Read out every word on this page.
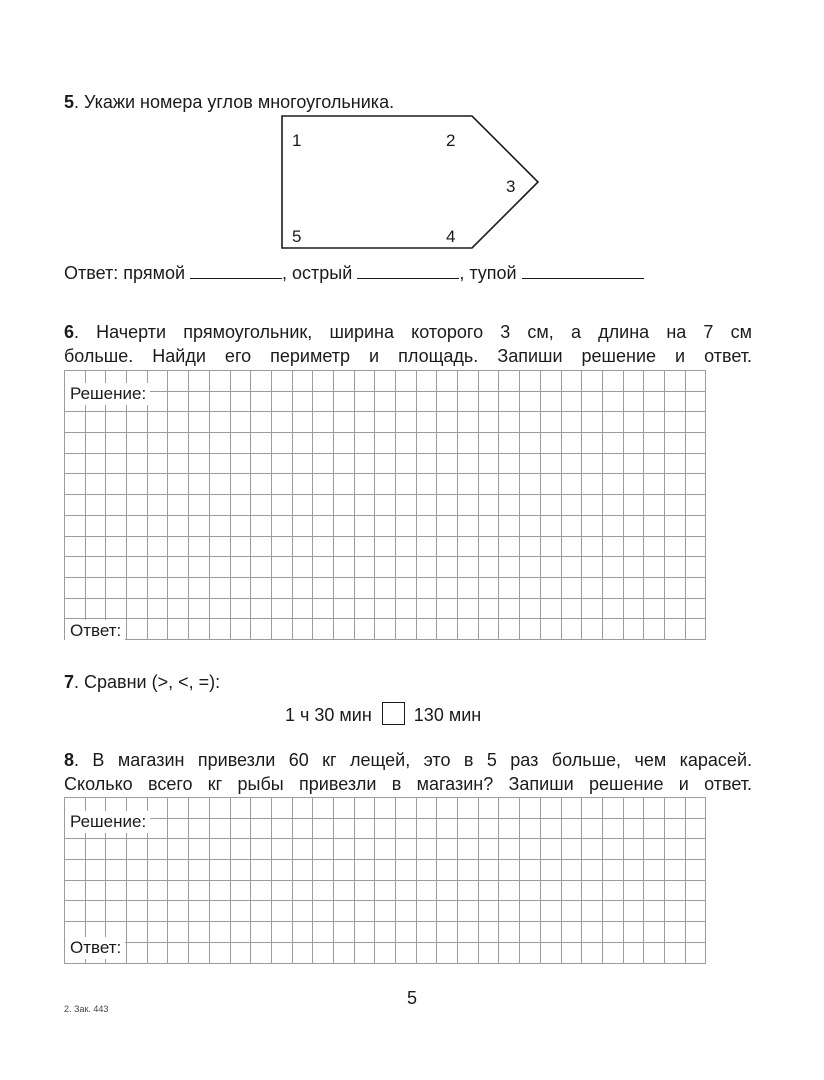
5. Укажи номера углов многоугольника.
1	2
3
4
5
Ответ: прямой	, острый	, тупой
6. Начерти прямоугольник, ширина которого 3 см, а длина на 7 см
больше. Найди его периметр и площадь. Запиши решение и ответ.

Решение:
Ответ:
7. Сравни (>, <, =):
1 ч 30 мин 130 мин
8. В магазин привезли 60 кг лещей, это в 5 раз больше, чем карасей.
Сколько всего кг рыбы привезли в магазин? Запиши решение и ответ.

Решение:
Ответ:
2. Зак. 443
5
